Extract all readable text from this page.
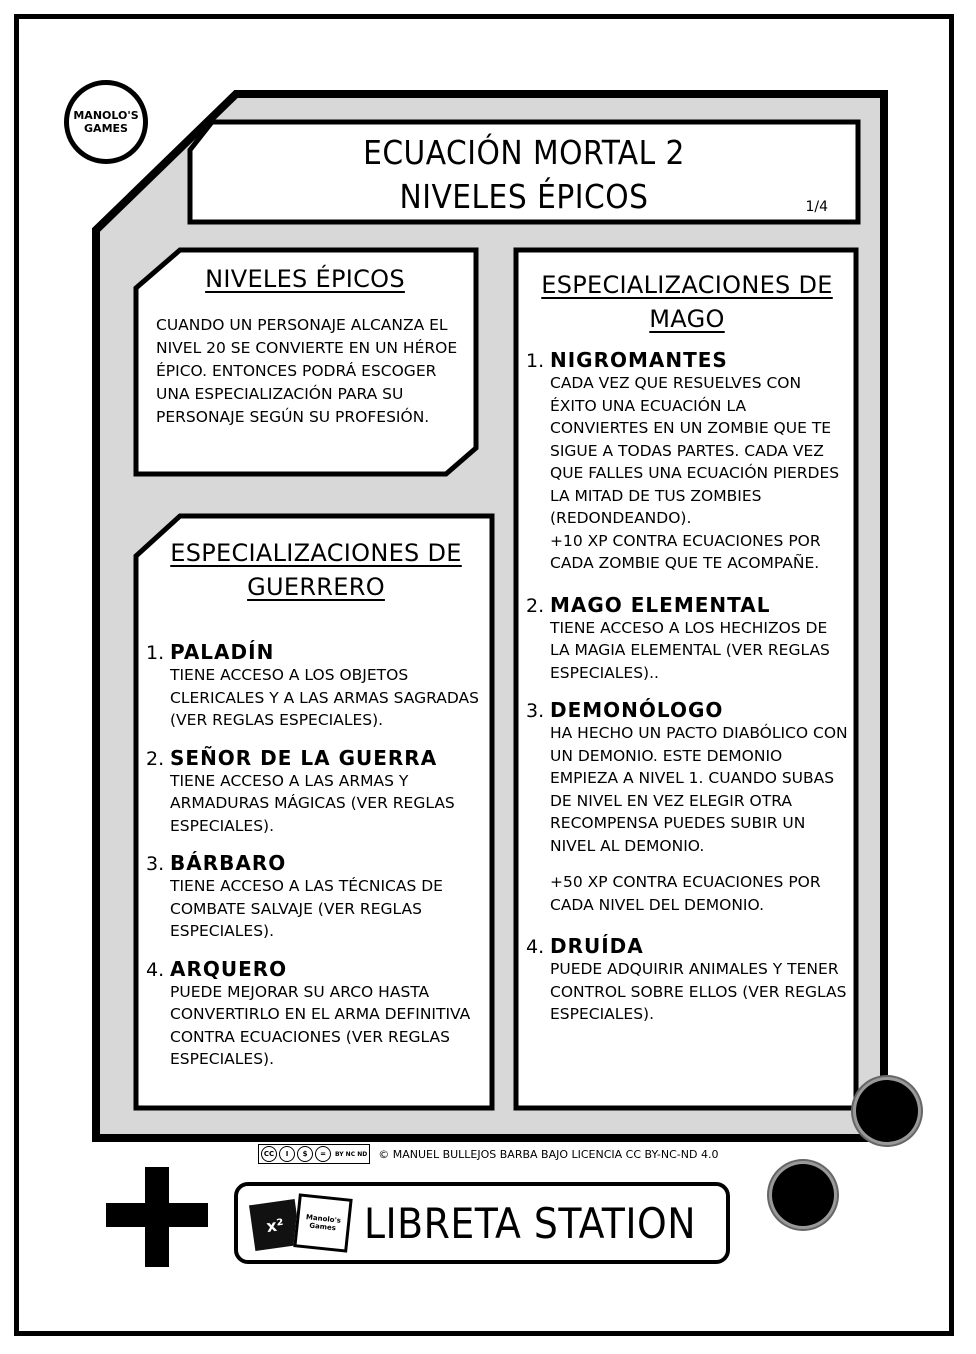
MANOLO'S
GAMES
ECUACIÓN MORTAL 2
NIVELES ÉPICOS	1/4
NIVELES ÉPICOS
CUANDO UN PERSONAJE ALCANZA EL NIVEL 20 SE CONVIERTE EN UN HÉROE ÉPICO. ENTONCES PODRÁ ESCOGER UNA ESPECIALIZACIÓN PARA SU PERSONAJE SEGÚN SU PROFESIÓN.
ESPECIALIZACIONES DE
GUERRERO
1. PALADÍN
TIENE ACCESO A LOS OBJETOS CLERICALES Y A LAS ARMAS SAGRADAS (VER REGLAS ESPECIALES).
2. SEÑOR DE LA GUERRA
TIENE ACCESO A LAS ARMAS Y ARMADURAS MÁGICAS (VER REGLAS ESPECIALES).
3. BÁRBARO
TIENE ACCESO A LAS TÉCNICAS DE COMBATE SALVAJE (VER REGLAS ESPECIALES).
4. ARQUERO
PUEDE MEJORAR SU ARCO HASTA CONVERTIRLO EN EL ARMA DEFINITIVA CONTRA ECUACIONES (VER REGLAS ESPECIALES).
ESPECIALIZACIONES DE
MAGO
1. NIGROMANTES
CADA VEZ QUE RESUELVES CON ÉXITO UNA ECUACIÓN LA CONVIERTES EN UN ZOMBIE QUE TE SIGUE A TODAS PARTES. CADA VEZ QUE FALLES UNA ECUACIÓN PIERDES LA MITAD DE TUS ZOMBIES (REDONDEANDO).
+10 XP CONTRA ECUACIONES POR CADA ZOMBIE QUE TE ACOMPAÑE.
2. MAGO ELEMENTAL
TIENE ACCESO A LOS HECHIZOS DE LA MAGIA ELEMENTAL (VER REGLAS ESPECIALES)..
3. DEMONÓLOGO
HA HECHO UN PACTO DIABÓLICO CON UN DEMONIO. ESTE DEMONIO EMPIEZA A NIVEL 1. CUANDO SUBAS DE NIVEL EN VEZ ELEGIR OTRA RECOMPENSA PUEDES SUBIR UN NIVEL AL DEMONIO.
+50 XP CONTRA ECUACIONES POR CADA NIVEL DEL DEMONIO.
4. DRUÍDA
PUEDE ADQUIRIR ANIMALES Y TENER CONTROL SOBRE ELLOS (VER REGLAS ESPECIALES).
CC	I	$	=	BY NC ND © MANUEL BULLEJOS BARBA BAJO LICENCIA CC BY-NC-ND 4.0
x²	Manolo's Games LIBRETA STATION
